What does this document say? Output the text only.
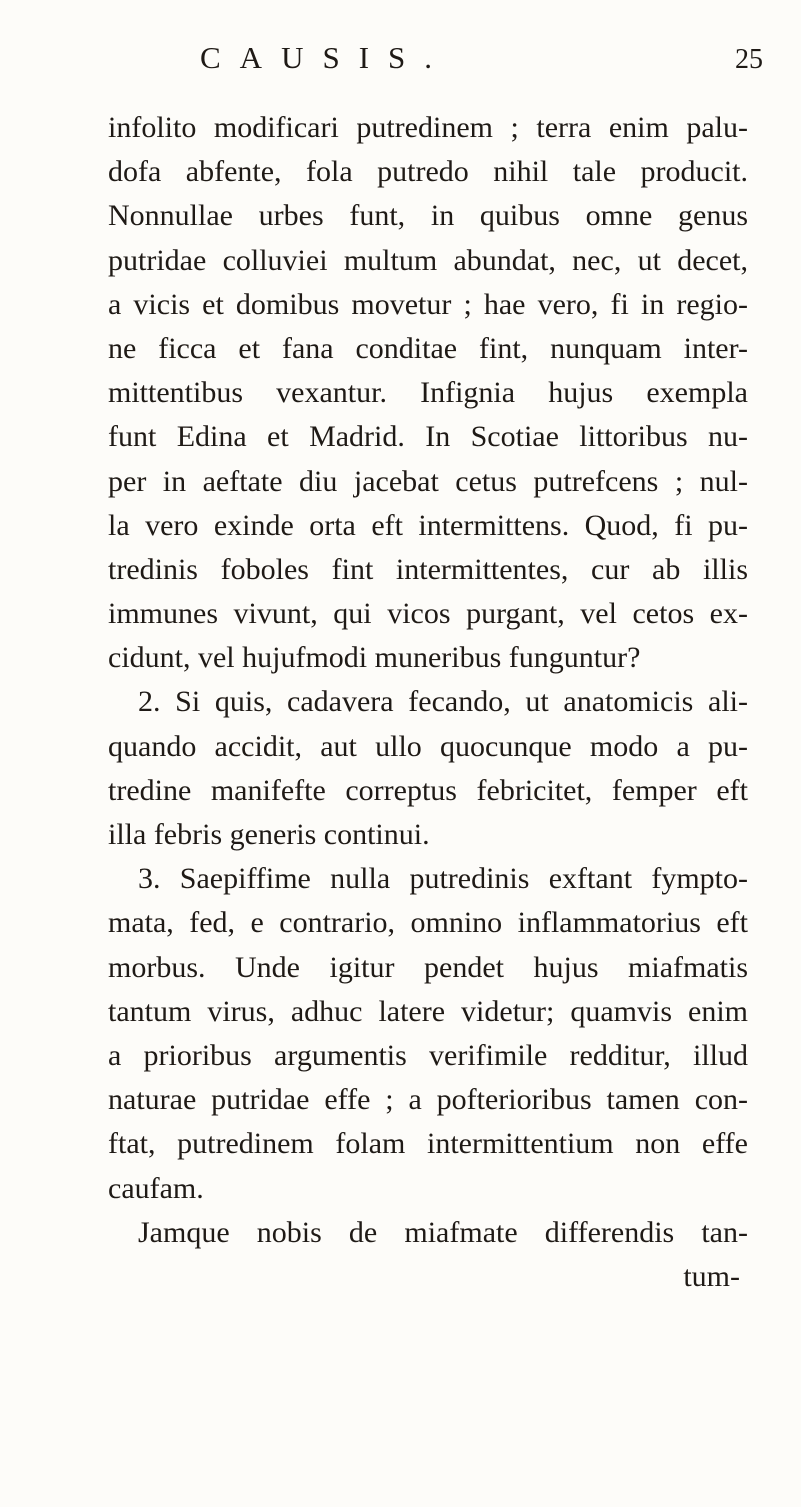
CAUSIS.	25
infolito modificari putredinem ; terra enim palu-
dofa abfente, fola putredo nihil tale producit.
Nonnullae urbes funt, in quibus omne genus
putridae colluviei multum abundat, nec, ut decet,
a vicis et domibus movetur ; hae vero, fi in regio-
ne ficca et fana conditae fint, nunquam inter-
mittentibus vexantur. Infignia hujus exempla
funt Edina et Madrid. In Scotiae littoribus nu-
per in aeftate diu jacebat cetus putrefcens ; nul-
la vero exinde orta eft intermittens. Quod, fi pu-
tredinis foboles fint intermittentes, cur ab illis
immunes vivunt, qui vicos purgant, vel cetos ex-
cidunt, vel hujufmodi muneribus funguntur?
2. Si quis, cadavera fecando, ut anatomicis ali-
quando accidit, aut ullo quocunque modo a pu-
tredine manifefte correptus febricitet, femper eft
illa febris generis continui.
3. Saepiffime nulla putredinis exftant fympto-
mata, fed, e contrario, omnino inflammatorius eft
morbus. Unde igitur pendet hujus miafmatis
tantum virus, adhuc latere videtur; quamvis enim
a prioribus argumentis verifimile redditur, illud
naturae putridae effe ; a pofterioribus tamen con-
ftat, putredinem folam intermittentium non effe
caufam.
Jamque nobis de miafmate differendis tan-
tum-
